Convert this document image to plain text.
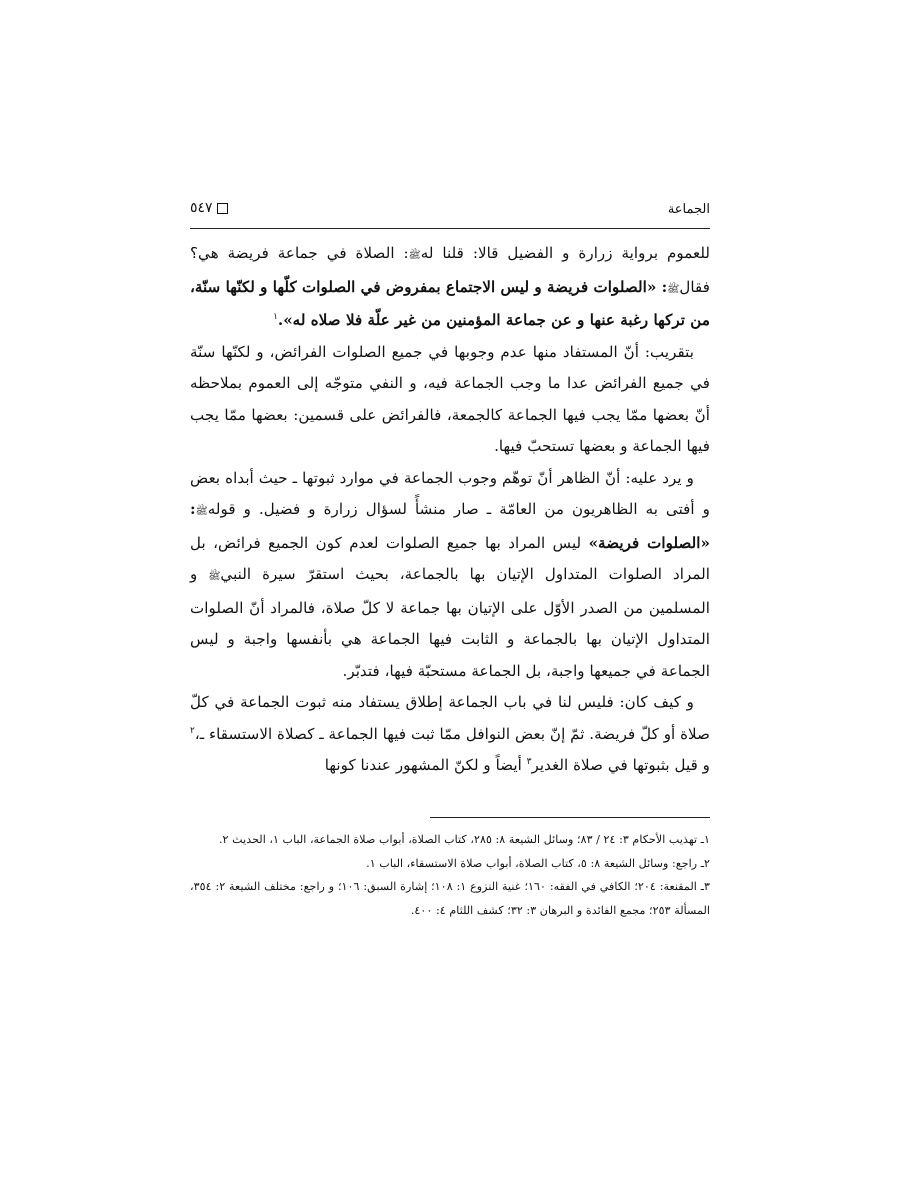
الجماعة
٥٤٧

للعموم برواية زرارة و الفضيل قالا: قلنا لهﷺ: الصلاة في جماعة فريضة هي؟ فقالﷺ: «الصلوات فريضة و ليس الاجتماع بمفروض في الصلوات كلّها و لكنّها سنّة، من تركها رغبة عنها و عن جماعة المؤمنين من غير علّة فلا صلاه له».$^١$

بتقريب: أنّ المستفاد منها عدم وجوبها في جميع الصلوات الفرائض، و لكنّها سنّة في جميع الفرائض عدا ما وجب الجماعة فيه، و النفي متوجّه إلى العموم بملاحظه أنّ بعضها ممّا يجب فيها الجماعة كالجمعة، فالفرائض على قسمين: بعضها ممّا يجب فيها الجماعة و بعضها تستحبّ فيها.

و يرد عليه: أنّ الظاهر أنّ توهّم وجوب الجماعة في موارد ثبوتها ـ حيث أبداه بعض و أفتى به الظاهريون من العامّة ـ صار منشأً لسؤال زرارة و فضيل. و قولهﷺ: «الصلوات فريضة» ليس المراد بها جميع الصلوات لعدم كون الجميع فرائض، بل المراد الصلوات المتداول الإتيان بها بالجماعة، بحيث استقرّ سيرة النبيﷺ و المسلمين من الصدر الأوّل على الإتيان بها جماعة لا كلّ صلاة، فالمراد أنّ الصلوات المتداول الإتيان بها بالجماعة و الثابت فيها الجماعة هي بأنفسها واجبة و ليس الجماعة في جميعها واجبة، بل الجماعة مستحبّة فيها، فتدبّر.

و كيف كان: فليس لنا في باب الجماعة إطلاق يستفاد منه ثبوت الجماعة في كلّ صلاة أو كلّ فريضة. ثمّ إنّ بعض النوافل ممّا ثبت فيها الجماعة ـ كصلاة الاستسقاء ـ،$^٢$ و قيل بثبوتها في صلاة الغدير$^٣$ أيضاً و لكنّ المشهور عندنا كونها

١ـ تهذيب الأحكام ٣: ٢٤ / ٨٣؛ وسائل الشيعة ٨: ٢٨٥، كتاب الصلاة، أبواب صلاة الجماعة، الباب ١، الحديث ٢.

٢ـ راجع: وسائل الشيعة ٨: ٥، كتاب الصلاة، أبواب صلاة الاستسقاء، الباب ١.

٣ـ المقنعة: ٢٠٤؛ الكافي في الفقه: ١٦٠؛ غنية النزوع ١: ١٠٨؛ إشارة السبق: ١٠٦؛ و راجع: مختلف الشيعة ٢: ٣٥٤، المسألة ٢٥٣؛ مجمع الفائدة و البرهان ٣: ٣٢؛ كشف اللثام ٤: ٤٠٠.
